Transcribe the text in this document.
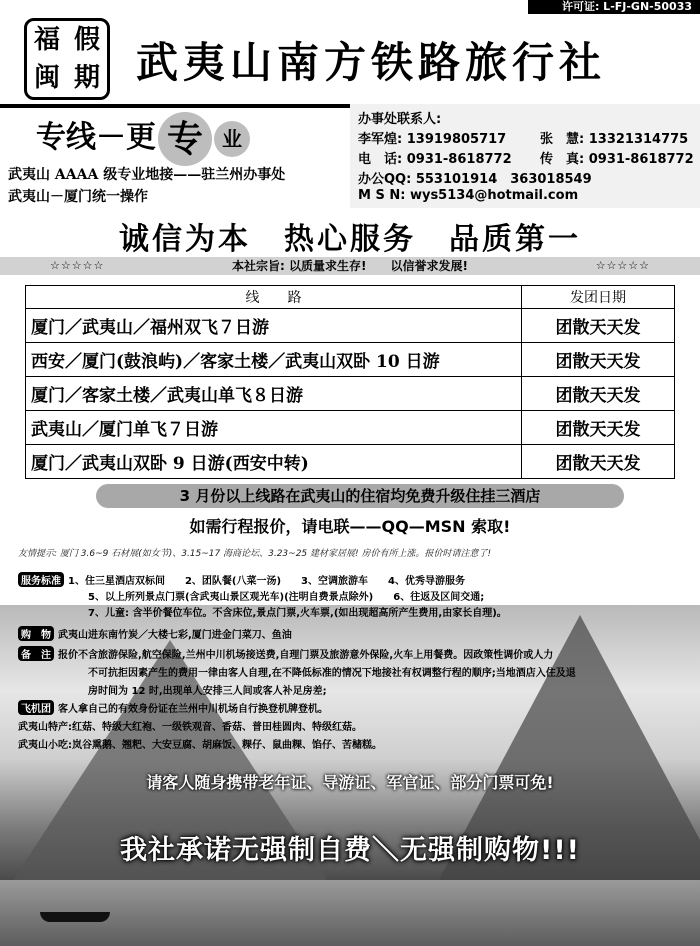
许可证: L-FJ-GN-50033
福 假
闽 期 武夷山南方铁路旅行社
专线－更 专 业
武夷山 AAAA 级专业地接——驻兰州办事处
武夷山－厦门统一操作
办事处联系人:
李军煌: 13919805717	张　慧: 13321314775
电　话: 0931-8618772 传　真: 0931-8618772
办公QQ: 553101914　363018549
M S N: wys5134@hotmail.com
诚信为本　热心服务　品质第一
☆☆☆☆☆	☆☆☆☆☆
本社宗旨: 以质量求生存!　　以信誉求发展!
线　　路	发团日期
厦门／武夷山／福州双飞７日游	团散天天发
西安／厦门(鼓浪屿)／客家土楼／武夷山双卧 10 日游	团散天天发
厦门／客家土楼／武夷山单飞８日游	团散天天发
武夷山／厦门单飞７日游	团散天天发
厦门／武夷山双卧 9 日游(西安中转)	团散天天发
3 月份以上线路在武夷山的住宿均免费升级住挂三酒店
如需行程报价，请电联——QQ—MSN 索取!
友情提示: 厦门 3.6~9 石材展(如女节)、3.15~17 海商论坛、3.23~25 建材家居展! 房价有所上涨。报价时请注意了!
服务标准 1、住三星酒店双标间　　2、团队餐(八菜一汤)　　3、空调旅游车　　4、优秀导游服务
5、以上所列景点门票(含武夷山景区观光车)(注明自费景点除外)　　6、往返及区间交通;
7、儿童: 含半价餐位车位。不含床位,景点门票,火车票,(如出现超高所产生费用,由家长自理)。
购　物 武夷山进东南竹炭／大楼七彩,厦门进金门菜刀、鱼油
备　注 报价不含旅游保险,航空保险,兰州中川机场接送费,自理门票及旅游意外保险,火车上用餐费。因政策性调价或人力
不可抗拒因素产生的费用一律由客人自理,在不降低标准的情况下地接社有权调整行程的顺序;当地酒店入住及退
房时间为 12 时,出现单人安排三人间或客人补足房差;
飞机团 客人拿自己的有效身份证在兰州中川机场自行换登机牌登机。
武夷山特产:红菇、特级大红袍、一级铁观音、香菇、普田桂圆肉、特级红菇。
武夷山小吃:岚谷熏鹅、翘粑、大安豆腐、胡麻饭、粿仔、鼠曲粿、馅仔、苦槠糕。
请客人随身携带老年证、导游证、军官证、部分门票可免!
我社承诺无强制自费＼无强制购物!!!
